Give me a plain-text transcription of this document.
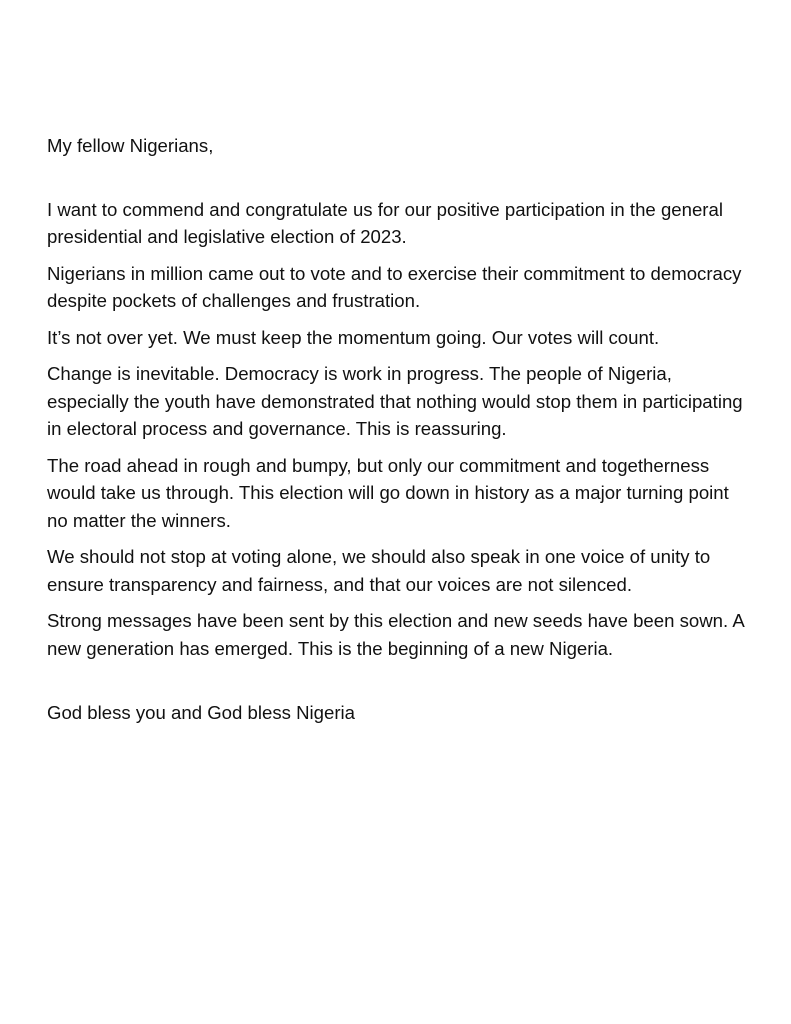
My fellow Nigerians,

I want to commend and congratulate us for our positive participation in the general presidential and legislative election of 2023.

Nigerians in million came out to vote and to exercise their commitment to democracy despite pockets of challenges and frustration.

It’s not over yet. We must keep the momentum going. Our votes will count.

Change is inevitable. Democracy is work in progress. The people of Nigeria, especially the youth have demonstrated that nothing would stop them in participating in electoral process and governance. This is reassuring.

The road ahead in rough and bumpy, but only our commitment and togetherness would take us through. This election will go down in history as a major turning point no matter the winners.

We should not stop at voting alone, we should also speak in one voice of unity to ensure transparency and fairness, and that our voices are not silenced.

Strong messages have been sent by this election and new seeds have been sown. A new generation has emerged. This is the beginning of a new Nigeria.

God bless you and God bless Nigeria
